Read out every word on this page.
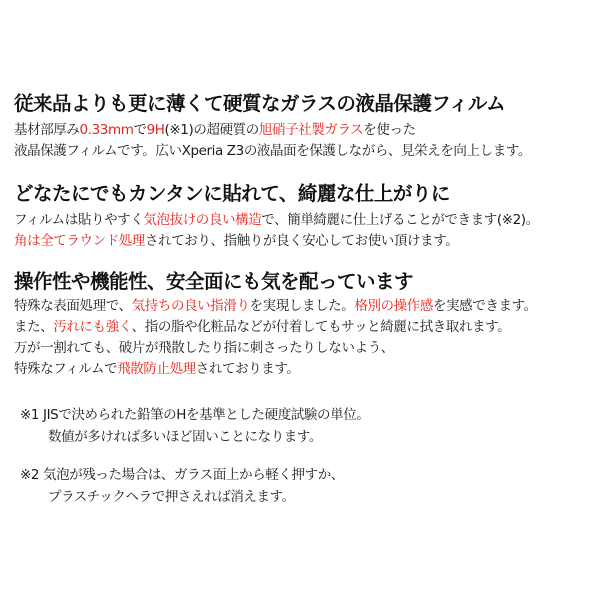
従来品よりも更に薄くて硬質なガラスの液晶保護フィルム
基材部厚み0.33mmで9H(※1)の超硬質の旭硝子社製ガラスを使った
液晶保護フィルムです。広いXperia Z3の液晶面を保護しながら、見栄えを向上します。
どなたにでもカンタンに貼れて、綺麗な仕上がりに
フィルムは貼りやすく気泡抜けの良い構造で、簡単綺麗に仕上げることができます(※2)。
角は全てラウンド処理されており、指触りが良く安心してお使い頂けます。
操作性や機能性、安全面にも気を配っています
特殊な表面処理で、気持ちの良い指滑りを実現しました。格別の操作感を実感できます。
また、汚れにも強く、指の脂や化粧品などが付着してもサッと綺麗に拭き取れます。
万が一割れても、破片が飛散したり指に刺さったりしないよう、
特殊なフィルムで飛散防止処理されております。
※1 JISで決められた鉛筆のHを基準とした硬度試験の単位。
数値が多ければ多いほど固いことになります。
※2 気泡が残った場合は、ガラス面上から軽く押すか、
プラスチックヘラで押さえれば消えます。
